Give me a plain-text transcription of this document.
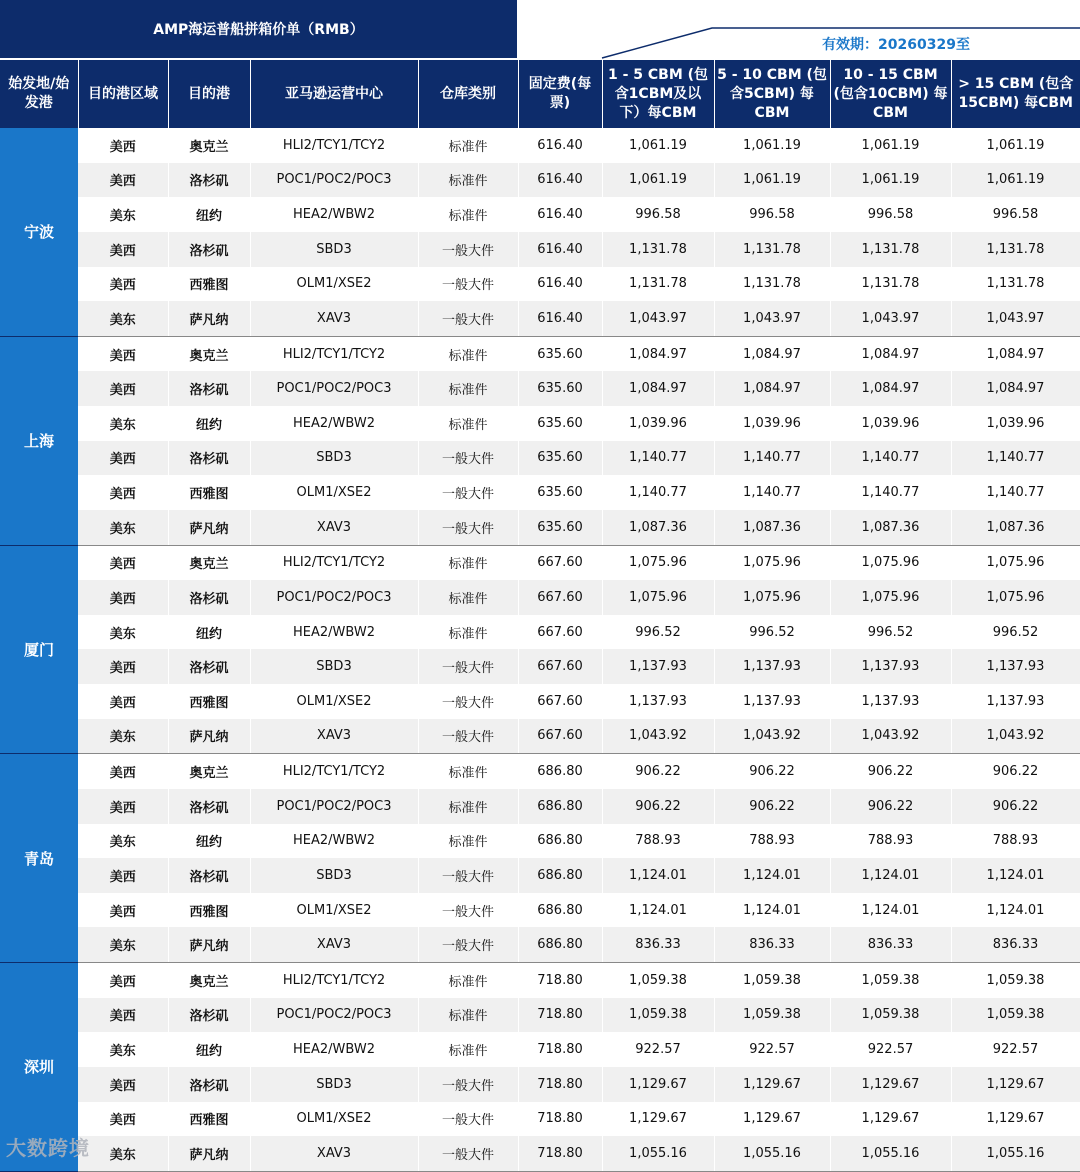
AMP海运普船拼箱价单（RMB）
有效期：20260329至
始发地/始发港	目的港区域	目的港	亚马逊运营中心	仓库类别	固定费(每票)	1 - 5 CBM (包含1CBM及以下）每CBM	5 - 10 CBM (包含5CBM) 每CBM	10 - 15 CBM (包含10CBM) 每CBM	> 15 CBM (包含15CBM) 每CBM
宁波	美西	奥克兰	HLI2/TCY1/TCY2	标准件	616.40	1,061.19	1,061.19	1,061.19	1,061.19
	美西	洛杉矶	POC1/POC2/POC3	标准件	616.40	1,061.19	1,061.19	1,061.19	1,061.19
	美东	纽约	HEA2/WBW2	标准件	616.40	996.58	996.58	996.58	996.58
	美西	洛杉矶	SBD3	一般大件	616.40	1,131.78	1,131.78	1,131.78	1,131.78
	美西	西雅图	OLM1/XSE2	一般大件	616.40	1,131.78	1,131.78	1,131.78	1,131.78
	美东	萨凡纳	XAV3	一般大件	616.40	1,043.97	1,043.97	1,043.97	1,043.97
上海	美西	奥克兰	HLI2/TCY1/TCY2	标准件	635.60	1,084.97	1,084.97	1,084.97	1,084.97
	美西	洛杉矶	POC1/POC2/POC3	标准件	635.60	1,084.97	1,084.97	1,084.97	1,084.97
	美东	纽约	HEA2/WBW2	标准件	635.60	1,039.96	1,039.96	1,039.96	1,039.96
	美西	洛杉矶	SBD3	一般大件	635.60	1,140.77	1,140.77	1,140.77	1,140.77
	美西	西雅图	OLM1/XSE2	一般大件	635.60	1,140.77	1,140.77	1,140.77	1,140.77
	美东	萨凡纳	XAV3	一般大件	635.60	1,087.36	1,087.36	1,087.36	1,087.36
厦门	美西	奥克兰	HLI2/TCY1/TCY2	标准件	667.60	1,075.96	1,075.96	1,075.96	1,075.96
	美西	洛杉矶	POC1/POC2/POC3	标准件	667.60	1,075.96	1,075.96	1,075.96	1,075.96
	美东	纽约	HEA2/WBW2	标准件	667.60	996.52	996.52	996.52	996.52
	美西	洛杉矶	SBD3	一般大件	667.60	1,137.93	1,137.93	1,137.93	1,137.93
	美西	西雅图	OLM1/XSE2	一般大件	667.60	1,137.93	1,137.93	1,137.93	1,137.93
	美东	萨凡纳	XAV3	一般大件	667.60	1,043.92	1,043.92	1,043.92	1,043.92
青岛	美西	奥克兰	HLI2/TCY1/TCY2	标准件	686.80	906.22	906.22	906.22	906.22
	美西	洛杉矶	POC1/POC2/POC3	标准件	686.80	906.22	906.22	906.22	906.22
	美东	纽约	HEA2/WBW2	标准件	686.80	788.93	788.93	788.93	788.93
	美西	洛杉矶	SBD3	一般大件	686.80	1,124.01	1,124.01	1,124.01	1,124.01
	美西	西雅图	OLM1/XSE2	一般大件	686.80	1,124.01	1,124.01	1,124.01	1,124.01
	美东	萨凡纳	XAV3	一般大件	686.80	836.33	836.33	836.33	836.33
深圳	美西	奥克兰	HLI2/TCY1/TCY2	标准件	718.80	1,059.38	1,059.38	1,059.38	1,059.38
	美西	洛杉矶	POC1/POC2/POC3	标准件	718.80	1,059.38	1,059.38	1,059.38	1,059.38
	美东	纽约	HEA2/WBW2	标准件	718.80	922.57	922.57	922.57	922.57
	美西	洛杉矶	SBD3	一般大件	718.80	1,129.67	1,129.67	1,129.67	1,129.67
	美西	西雅图	OLM1/XSE2	一般大件	718.80	1,129.67	1,129.67	1,129.67	1,129.67
	美东	萨凡纳	XAV3	一般大件	718.80	1,055.16	1,055.16	1,055.16	1,055.16
大数跨境
